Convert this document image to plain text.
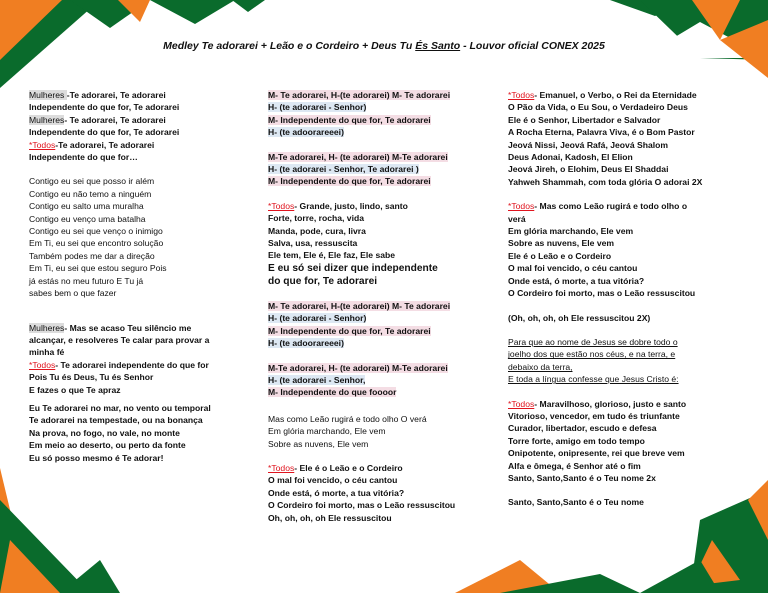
Medley Te adorarei + Leão e o Cordeiro + Deus Tu És Santo - Louvor oficial CONEX 2025
Mulheres -Te adorarei, Te adorarei
Independente do que for, Te adorarei
Mulheres- Te adorarei, Te adorarei
Independente do que for, Te adorarei
*Todos-Te adorarei, Te adorarei
Independente do que for…
Contigo eu sei que posso ir além
Contigo eu não temo a ninguém
Contigo eu salto uma muralha
Contigo eu venço uma batalha
Contigo eu sei que venço o inimigo
Em Ti, eu sei que encontro solução
Também podes me dar a direção
Em Ti, eu sei que estou seguro Pois
já estás no meu futuro E Tu já
sabes bem o que fazer
Mulheres- Mas se acaso Teu silêncio me
alcançar, e resolveres Te calar para provar a
minha fé
*Todos- Te adorarei independente do que for
Pois Tu és Deus, Tu és Senhor
E fazes o que Te apraz
Eu Te adorarei no mar, no vento ou temporal
Te adorarei na tempestade, ou na bonança
Na prova, no fogo, no vale, no monte
Em meio ao deserto, ou perto da fonte
Eu só posso mesmo é Te adorar!
M- Te adorarei, H-(te adorarei) M- Te adorarei
H- (te adorarei - Senhor)
M- Independente do que for, Te adorarei
H- (te adoorareeei)
M-Te adorarei, H- (te adorarei) M-Te adorarei
H- (te adorarei - Senhor, Te adorarei )
M- Independente do que for, Te adorarei
*Todos- Grande, justo, lindo, santo
Forte, torre, rocha, vida
Manda, pode, cura, livra
Salva, usa, ressuscita
Ele tem, Ele é, Ele faz, Ele sabe
E eu só sei dizer que independente
do que for, Te adorarei
M- Te adorarei, H-(te adorarei) M- Te adorarei
H- (te adorarei - Senhor)
M- Independente do que for, Te adorarei
H- (te adoorareeei)
M-Te adorarei, H- (te adorarei) M-Te adorarei
H- (te adorarei - Senhor,
M- Independente do que foooor
Mas como Leão rugirá e todo olho O verá
Em glória marchando, Ele vem
Sobre as nuvens, Ele vem
*Todos- Ele é o Leão e o Cordeiro
O mal foi vencido, o céu cantou
Onde está, ó morte, a tua vitória?
O Cordeiro foi morto, mas o Leão ressuscitou
Oh, oh, oh, oh Ele ressuscitou
*Todos- Emanuel, o Verbo, o Rei da Eternidade
O Pão da Vida, o Eu Sou, o Verdadeiro Deus
Ele é o Senhor, Libertador e Salvador
A Rocha Eterna, Palavra Viva, é o Bom Pastor
Jeová Nissi, Jeová Rafá, Jeová Shalom
Deus Adonai, Kadosh, El Elion
Jeová Jireh, o Elohim, Deus El Shaddai
Yahweh Shammah, com toda glória O adorai 2X
*Todos- Mas como Leão rugirá e todo olho o
verá
Em glória marchando, Ele vem
Sobre as nuvens, Ele vem
Ele é o Leão e o Cordeiro
O mal foi vencido, o céu cantou
Onde está, ó morte, a tua vitória?
O Cordeiro foi morto, mas o Leão ressuscitou
(Oh, oh, oh, oh Ele ressuscitou 2X)
Para que ao nome de Jesus se dobre todo o
joelho dos que estão nos céus, e na terra, e
debaixo da terra,
E toda a língua confesse que Jesus Cristo é:
*Todos- Maravilhoso, glorioso, justo e santo
Vitorioso, vencedor, em tudo és triunfante
Curador, libertador, escudo e defesa
Torre forte, amigo em todo tempo
Onipotente, onipresente, rei que breve vem
Alfa e ômega, é Senhor até o fim
Santo, Santo,Santo é o Teu nome 2x
Santo, Santo,Santo é o Teu nome
